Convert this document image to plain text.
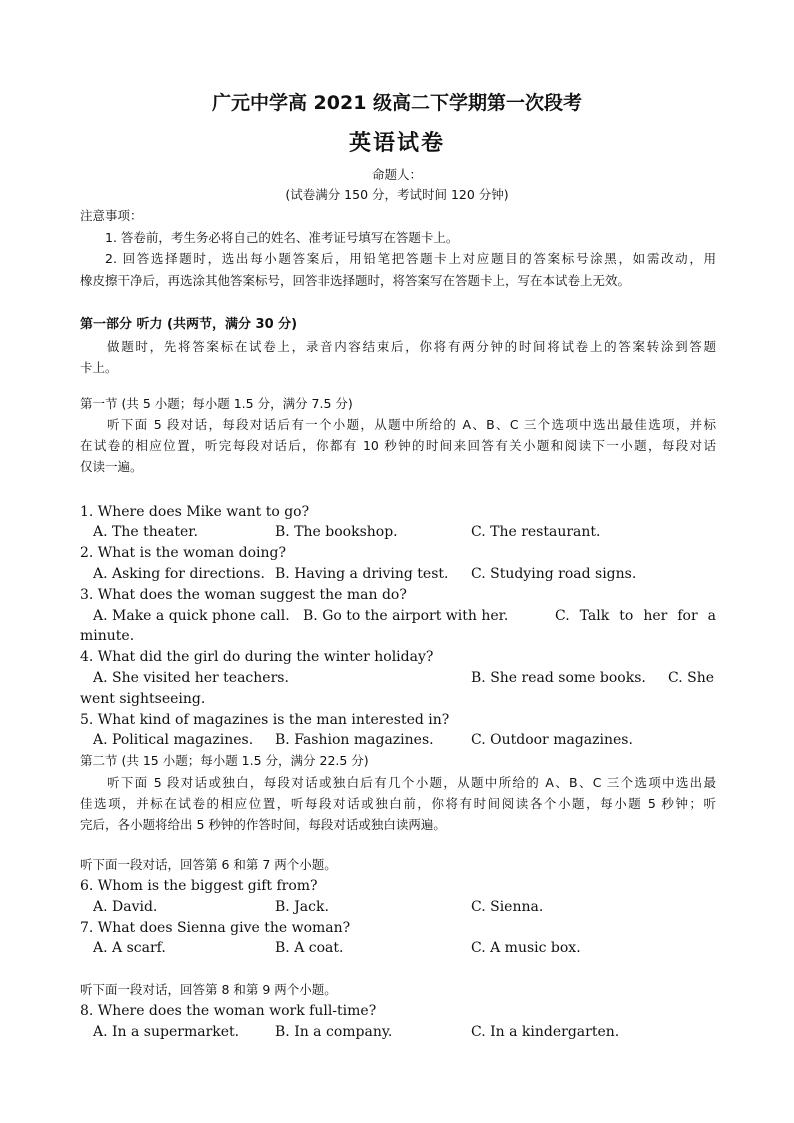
广元中学高 2021 级高二下学期第一次段考
英语试卷
命题人：
(试卷满分 150 分，考试时间 120 分钟)
注意事项：
1. 答卷前，考生务必将自己的姓名、准考证号填写在答题卡上。
2. 回答选择题时，选出每小题答案后，用铅笔把答题卡上对应题目的答案标号涂黑，如需改动，用
橡皮擦干净后，再选涂其他答案标号，回答非选择题时，将答案写在答题卡上，写在本试卷上无效。
第一部分 听力 (共两节，满分 30 分)
做题时，先将答案标在试卷上，录音内容结束后，你将有两分钟的时间将试卷上的答案转涂到答题
卡上。
第一节 (共 5 小题；每小题 1.5 分，满分 7.5 分)
听下面 5 段对话，每段对话后有一个小题，从题中所给的 A、B、C 三个选项中选出最佳选项，并标
在试卷的相应位置，听完每段对话后，你都有 10 秒钟的时间来回答有关小题和阅读下一小题，每段对话
仅读一遍。
1. Where does Mike want to go?
A. The theater.	B. The bookshop.	C. The restaurant.
2. What is the woman doing?
A. Asking for directions. B. Having a driving test. C. Studying road signs.
3. What does the woman suggest the man do?
A. Make a quick phone call. B. Go to the airport with her.	C. Talk to her for a
minute.
4. What did the girl do during the winter holiday?
A. She visited her teachers.	B. She read some books. C. She
went sightseeing.
5. What kind of magazines is the man interested in?
A. Political magazines. B. Fashion magazines.	C. Outdoor magazines.
第二节 (共 15 小题；每小题 1.5 分，满分 22.5 分)
听下面 5 段对话或独白，每段对话或独白后有几个小题，从题中所给的 A、B、C 三个选项中选出最
佳选项，并标在试卷的相应位置，听每段对话或独白前，你将有时间阅读各个小题，每小题 5 秒钟；听
完后，各小题将给出 5 秒钟的作答时间，每段对话或独白读两遍。
听下面一段对话，回答第 6 和第 7 两个小题。
6. Whom is the biggest gift from?
A. David.	B. Jack.	C. Sienna.
7. What does Sienna give the woman?
A. A scarf.	B. A coat.	C. A music box.
听下面一段对话，回答第 8 和第 9 两个小题。
8. Where does the woman work full-time?
A. In a supermarket.	B. In a company.	C. In a kindergarten.
